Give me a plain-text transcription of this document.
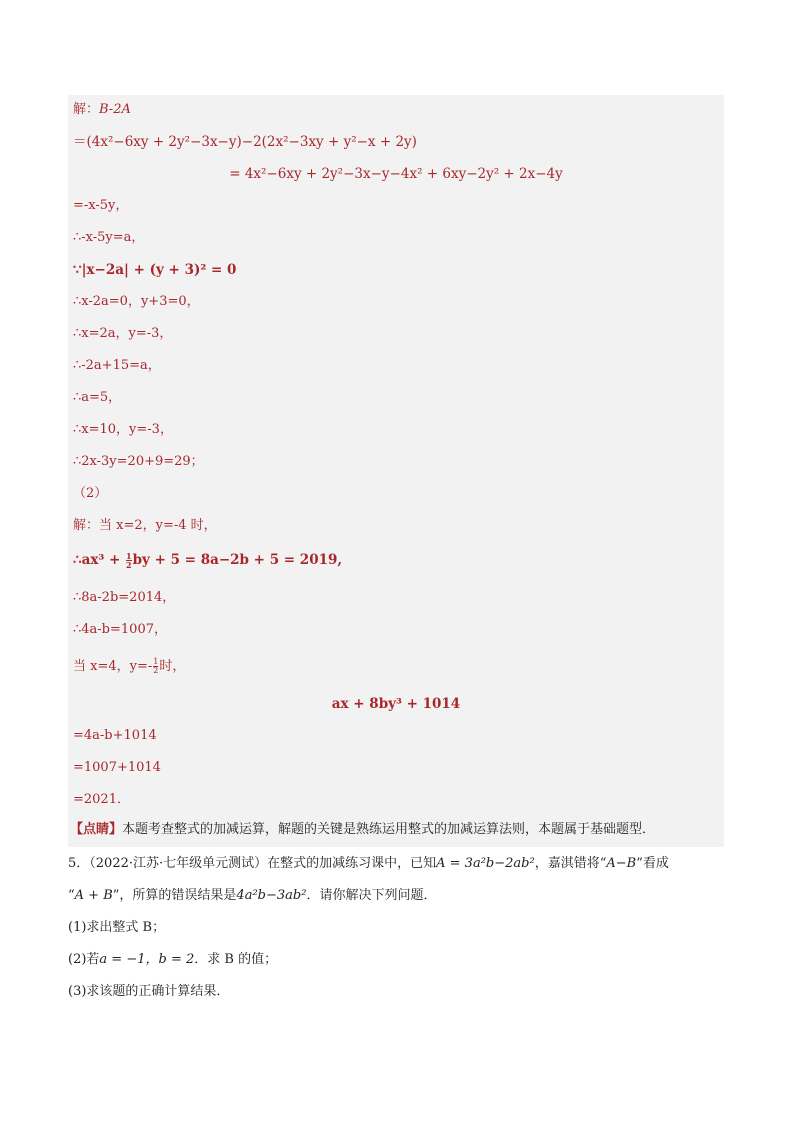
解：B-2A
＝(4x²−6xy + 2y²−3x−y)−2(2x²−3xy + y²−x + 2y)
= 4x²−6xy + 2y²−3x−y−4x² + 6xy−2y² + 2x−4y
=-x-5y，
∴-x-5y=a，
∵|x−2a| + (y + 3)² = 0
∴x-2a=0，y+3=0，
∴x=2a，y=-3，
∴-2a+15=a，
∴a=5，
∴x=10，y=-3，
∴2x-3y=20+9=29；
（2）
解：当 x=2，y=-4 时，
∴ax³ + $\frac{1}{2}$ by + 5 = 8a−2b + 5 = 2019,
∴8a-2b=2014，
∴4a-b=1007，
当 x=4，$y=- \frac{1}{2}$ 时，
ax + 8by³ + 1014
=4a-b+1014
=1007+1014
=2021．
【点睛】本题考查整式的加减运算，解题的关键是熟练运用整式的加减运算法则，本题属于基础题型．
5．（2022·江苏·七年级单元测试）在整式的加减练习课中，已知A = 3a²b−2ab²，嘉淇错将“A−B”看成
“A + B”，所算的错误结果是4a²b−3ab²．请你解决下列问题．
(1)求出整式 B；
(2)若a = −1，b = 2．求 B 的值；
(3)求该题的正确计算结果．
